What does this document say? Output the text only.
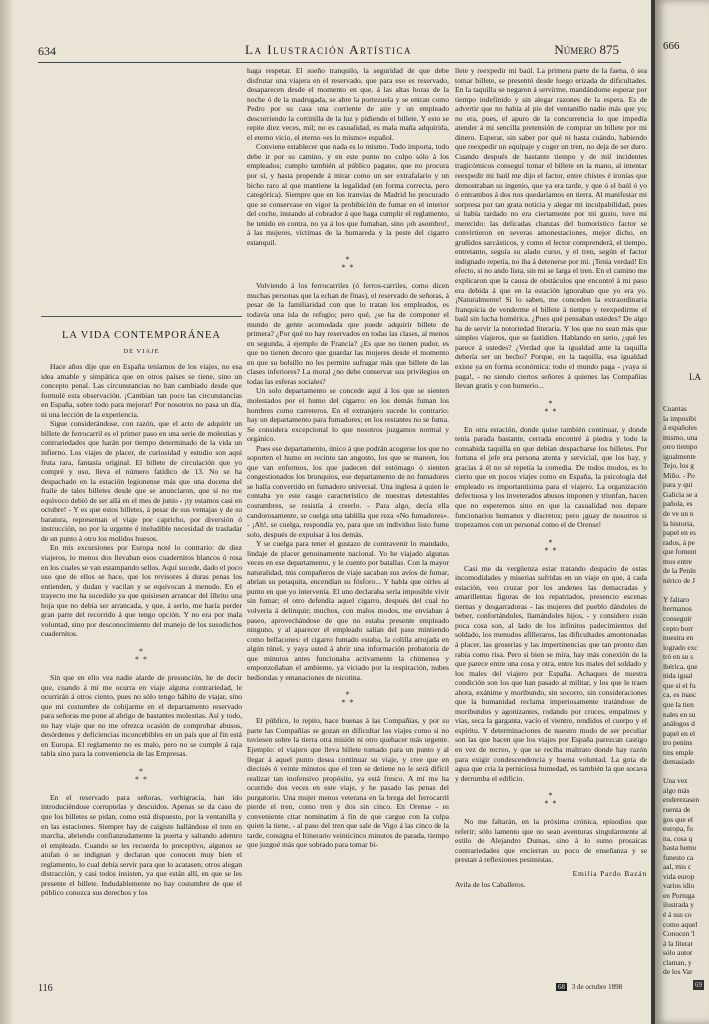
634	La Ilustración Artística	Número 875
LA VIDA CONTEMPORÁNEA
DE VIAJE

Hace años dije que en España teníamos de los viajes, no esa idea amable y simpática que en otros países se tiene, sino un concepto penal. Las circunstancias no han cambiado desde que formulé esta observación. ¡Cambian tan poco las circunstancias en España, sobre todo para mejorar! Por nosotros no pasa un día, ni una lección de la experiencia.

Sigue considerándose, con razón, que el acto de adquirir un billete de ferrocarril es el primer paso en una serie de molestias y contrariedades que harán por tiempo determinado de la vida un infierno. Los viajes de placer, de curiosidad y estudio son aquí fruta rara, fantasía original. El billete de circulación que yo compré y uso, lleva el número fatídico de 13. No se ha despachado en la estación legionense más que una docena del fraile de tales billetes desde que se anunciaron, que si no me equivoco debió de ser allá en el mes de junio - ¡ty estamos casi en octubre! - Y es que estos billetes, á pesar de sus ventajas y de su baratura, representan el viaje por capricho, por diversión ó instrucción, no por la urgente é ineludible necesidad de trasladar de un punto á otro los molidos huesos.

En mis excursiones por Europa noté lo contrario: de diez viajeros, lo menos dos llevaban esos cuadernitos blancos ó rosa en los cuales se van estampando sellos. Aquí sucede, dado el poco uso que de ellos se hace, que los revisores á duras penas los entienden, y dudan y vacilan y se equivocan á menudo. En el trayecto me ha sucedido ya que quisiesen arrancar del librito una hoja que no debía ser arrancada, y que, á serlo, me haría perder gran parte del recorrido á que tengo opción. Y no era por mala voluntad, sino por desconocimiento del manejo de los susodichos cuadernitos.

*
* *

Sin que en ello vea nadie alarde de presunción, he de decir que, cuando á mí me ocurra en viaje alguna contrariedad, le ocurrirán á otros ciento, pues no sólo tengo hábito de viajar, sino que mi costumbre de cobijarme en el departamento reservado para señoras me pone al abrigo de bastantes molestias. Así y todo, no hay viaje que no me ofrezca ocasión de comprobar abusos, desórdenes y deficiencias inconcebibles en un país que al fin está en Europa. El reglamento no es malo, pero no se cumple á raja tabla sino para la conveniencia de las Empresas.

*
* *

En el reservado para señoras, verbigracia, han ido introduciéndose corruptelas y descuidos. Apenas se da caso de que los billetes se pidan, como está dispuesto, por la ventanilla y en las estaciones. Siempre hay de caigiste hallándose el tren en marcha, abriendo confianzudamente la puerta y saltando adentro el empleado. Cuando se les recuerda lo preceptivo, algunos se atufan ó se indignan y declaran que conocen muy bien el reglamento, lo cual debía servir para que lo acatasen; otros alegan distracción, y casi todos insisten, ya que están allí, en que se les presente el billete. Indudablemente no hay costumbre de que el público conozca sus derechos y los

haga respetar. El sueño tranquilo, la seguridad de que debe disfrutar una viajera en el reservado, que para eso es reservado, desaparecen desde el momento en que, á las altas horas de la noche ó de la madrugada, se abre la portezuela y se entran como Pedro por su casa una corriente de aire y un empleado descorriendo la cortinilla de la luz y pidiendo el billete. Y esto se repite diez veces, mil; no es casualidad, es mala maña adquirida, el eterno vicio, el eterno «es lo mismo» español.

Conviene establecer que nada es lo mismo. Todo importa, todo debe ir por su camino, y en este punto no culpo sólo á los empleados; cumplo también al público pagano, que no procura por sí, y hasta propende á mirar como un ser extrafalario y un bicho raro al que mantiene la legalidad (en forma correcta, pero categórica). Siempre que en los tranvías de Madrid he procurado que se conservase en vigor la prohibición de fumar en el interior del coche, instando al cobrador á que haga cumplir el reglamento, he tenido en contra, no ya á los que fumaban, sino ¡oh asombro!, á las mujeres, víctimas de la humareda y la peste del cigarro estanquil.

*
* *

Volviendo á los ferrocarriles (ó ferros-carriles, como dicen muchas personas que la echan de finas), el reservado de señoras, á pesar de la familiaridad con que lo tratan los empleados, es todavía una isla de refugio; pero qué, ¿se ha de componer el mundo de gente acomodada que puede adquirir billete de primera? ¿Por qué no hay reservados en todas las clases, al menos en segunda, á ejemplo de Francia? ¿Es que no tienen pudor, es que no tienen decoro que guardar las mujeres desde el momento en que su bolsillo no les permite sufragar más que billete de las clases inferiores? La moral ¿no debe conservar sus privilegios en todas las esferas sociales?

Un solo departamento se concede aquí á los que se sienten molestados por el humo del cigarro: en los demás fuman los hombres como carreteros. En el extranjero sucede lo contrario: hay un departamento para fumadores; en los restantes no se fuma. Se considera excepcional lo que nosotros juzgamos normal y orgánico.

Pues ese departamento, único á que podrán acogerse los que no soporten el humo en recinto tan angosto, los que se mareen, los que van enfermos, los que padecen del estómago ó sienten congestionados los bronquios, ese departamento de no fumadores se halla convertido en fumadero universal. Una inglesa á quien le contaba yo este rasgo característico de nuestras detestables costumbres, se resistía á creerlo. - Para algo, decía ella candorosamente, se cuelga una tablilla que reza «No fumadores». - ¡Ah!, se cuelga, respondía yo, para que un individuo listo fume solo, después de expulsar á los demás.

Y se cuelga para tener el gustazo de contravenir lo mandado, lindaje de placer genuinamente nacional. Yo he viajado algunas veces en ese departamento, y le cuento por batallas. Con la mayor naturalidad, mis compañeros de viaje sacaban sus avíos de fumar, abrían su petaquita, encendían su fósforo... Y habla que oírles al punto en que yo intervenía. El uno declaraba sería imposible vivir sin fumar; el otro defendía aquel cigarro, después del cual no volvería á delinquir; muchos, con malos modos, me enviaban á paseo, aprovechándose de que no estaba presente empleado ninguno, y al aparecer el empleado salían del paso mintiendo como bellacones: el cigarro fumado estaba, la colilla arrojada en algún túnel, y yaya usted á abrir una información probatoria de que minutos antes funcionaba activamente la chimenea y emponzoñaban el ambiente, ya viciado por la respiración, nubes hediondas y emanaciones de nicotina.

*
* *

El público, lo repito, hace buenas á las Compañías, y por su parte las Compañías se gozan en dificultar los viajes como si no tuviesen sobre la tierra otra misión ni otro quehacer más urgente. Ejemplo: el viajero que lleva billete tomado para un punto y al llegar á aquel punto desea continuar su viaje, y cree que en diecisés ó veinte minutos que el tren se detiene no le será difícil realizar tan inofensivo propósito, ya está fresco. A mí me ha ocurrido dos veces en este viaje, y he pasado las penas del purgatorio. Una mujer menos veterana en la brega del ferrocarril pierde el tren, como tren y dos sin cinco. En Orense - es conveniente citar nominatim á fin de que cargue con la culpa quien la tiene, - al paso del tren que sale de Vigo á las cinco de la tarde, consigna el Itinerario veinticinco minutos de parada, tiempo que juzgué más que sobrado para tomar bi-

llete y reexpedir mi baúl. La primera parte de la faena, ó sea tomar billete, se presentó desde luego erizada de dificultades. En la taquilla se negaron á servirme, mandándome esperar por tiempo indefinido y sin alegar razones de la espera. Es de advertir que no había al pie del ventanillo nadie más que yo; no era, pues, el apuro de la concurrencia lo que impedía atender á mi sencilla pretensión de comprar un billete por mi dinero. Esperar, sin saber por qué ni hasta cuándo, habiendo que reexpedir un equipaje y coger un tren, no deja de ser duro. Cuando después de bastante tiempo y de mil incidentes tragicómicos conseguí tomar el billete en la mano, al intentar reexpedir mi baúl me dijo el factor, entre chistes é ironías que demostraban su ingenio, que ya era tarde, y que ó el baúl ó yo ó entrambos á dos nos quedaríamos en tierra. Al manifestar mi sorpresa por tan grata noticia y alegar mi inculpabilidad, pues si había tardado no era ciertamente por mi gusto, tuve mi merecido: las delicadas chanzas del humorístico factor se convirtieron en severas amonestaciones, mejor dicho, en gruñidos sarcásticos, y como el lector comprenderá, el tiempo, entretanto, seguía su alado curso, y el tren, según el factor indignado repetía, no iba á detenerse por mí. ¡Tenía verdad! En efecto, si no ando lista, sin mi se larga el tren. En el camino me explicaron que la causa de obstáculos que encontré á mi paso era debida á que en la estación ignoraban que yo era yo. ¡Naturalmente! Si lo saben, me conceden la extraordinaria franquicia de venderme el billete á tiempo y reexpedirme el baúl sin lucha homérica. ¿Pues qué pensaban ustedes? De algo ha de servir la notoriedad literaria. Y los que no sean más que simples viajeros, que se fastidien. Hablando en serio, ¿qué les parece á ustedes? ¿Verdad que la igualdad ante la taquilla debería ser un hecho? Porque, en la taquilla, esa igualdad existe ya en forma económica: todo el mundo paga - ¡vaya si paga!, - no siendo ciertos señores á quienes las Compañías llevan gratis y con humerio...

*
* *

En otra estación, donde quise también continuar, y donde tenía parada bastante, cerrada encontré á piedra y lodo la consabida taquilla en que debían despacharse los billetes. Por fortuna el jefe era persona atenta y servicial, que los hay, y gracias á él no sé repetía la comedia. De todos modos, es lo cierto que en pocos viajes como en España, la psicología del empleado es importantísima para el viajero. La organización defectuosa y los inveterados abusos imponen y triunfan, hacen que no esperemos sino en que la casualidad nos depare funcionarios humanos y discretos; pero ¡guay de nosotros si tropezamos con un personal como el de Orense!

*
* *

Casi me da vergüenza estar tratando despacio de estas incomodidades y miserias sufridas en un viaje en que, á cada estación, veo cruzar por los andenes las demacradas y amarillentas figuras de los repatriados, presencio escenas tiernas y desgarradoras - las mujeres del pueblo dándoles de beber, confortándoles, llamándoles hijos, - y considero cuán poca cosa son, al lado de los infinitos padecimientos del soldado, los menudos afilleraros, las dificultades amontonadas á placer, las groserías y las impertinencias que tan pronto dan rabia como risa. Pero si bien se mira, hay más conexión de la que parece entre una cosa y otra, entre los males del soldado y los males del viajero por España. Achaques de nuestra condición son los que han pasado al militar, y los que le traen ahora, exánime y moribundo, sin socorro, sin consideraciones que la humanidad reclama imperiosamente tratándose de moribundos y agonizantes, rodando por cruces, empalmes y vías, seca la garganta, vacío el vientre, rendidos el cuerpo y el espíritu. Y determinaciones de nuestro modo de ser peculiar son las que hacen que los viajes por España parezcan castigo en vez de recreo, y que se reciba maltrato donde hay razón para exigir condescendencia y buena voluntad. La gota de agua que cría la perniciosa humedad, es también la que socava y derrumba el edificio.

*
* *

No me faltarán, en la próxima crónica, episodios que referir; sólo lamento que no sean aventuras singularmente al estilo de Alejandro Dumas, sino á lo sumo prosaicas contrariedades que encierran su poco de enseñanza y se prestan á reflexiones pesimistas.

Emilia Pardo Bazán
Avila de los Caballeros.
116	68 3 de octubre 1898
666
LA
Cuantas
la imposibi
á españoles
mismo, una
otro tiempo
igualmente
Tejo, los g
Miño. - Po
para y qui
Galicia se a
pañola, es
de ve un n
la historia,
papel en es
rados, á pe
que foment
mos entre
de la Penín
nérico de J

Y faltaro
hermanos
conseguir
cepto borr
nuestra en
logrado exc
tró en su s
ibérica, que
nida igual
que sí el fu
ca, es inasc
que la tien
nales en su
análogos d
papel en el
tro penins
tins emple
demasiado

Una vez
algo más
enderezasen
ruenta de
gos que el
europa, fu
na, cosa q
hasta hemo
funesto ca
aal, mis c
vida europ
varios idio
en Portuga
ilustrada y
é á sus co
como aquel
Conocen 'l
á la literat
sólo autor
claman, y
de los Var
69
